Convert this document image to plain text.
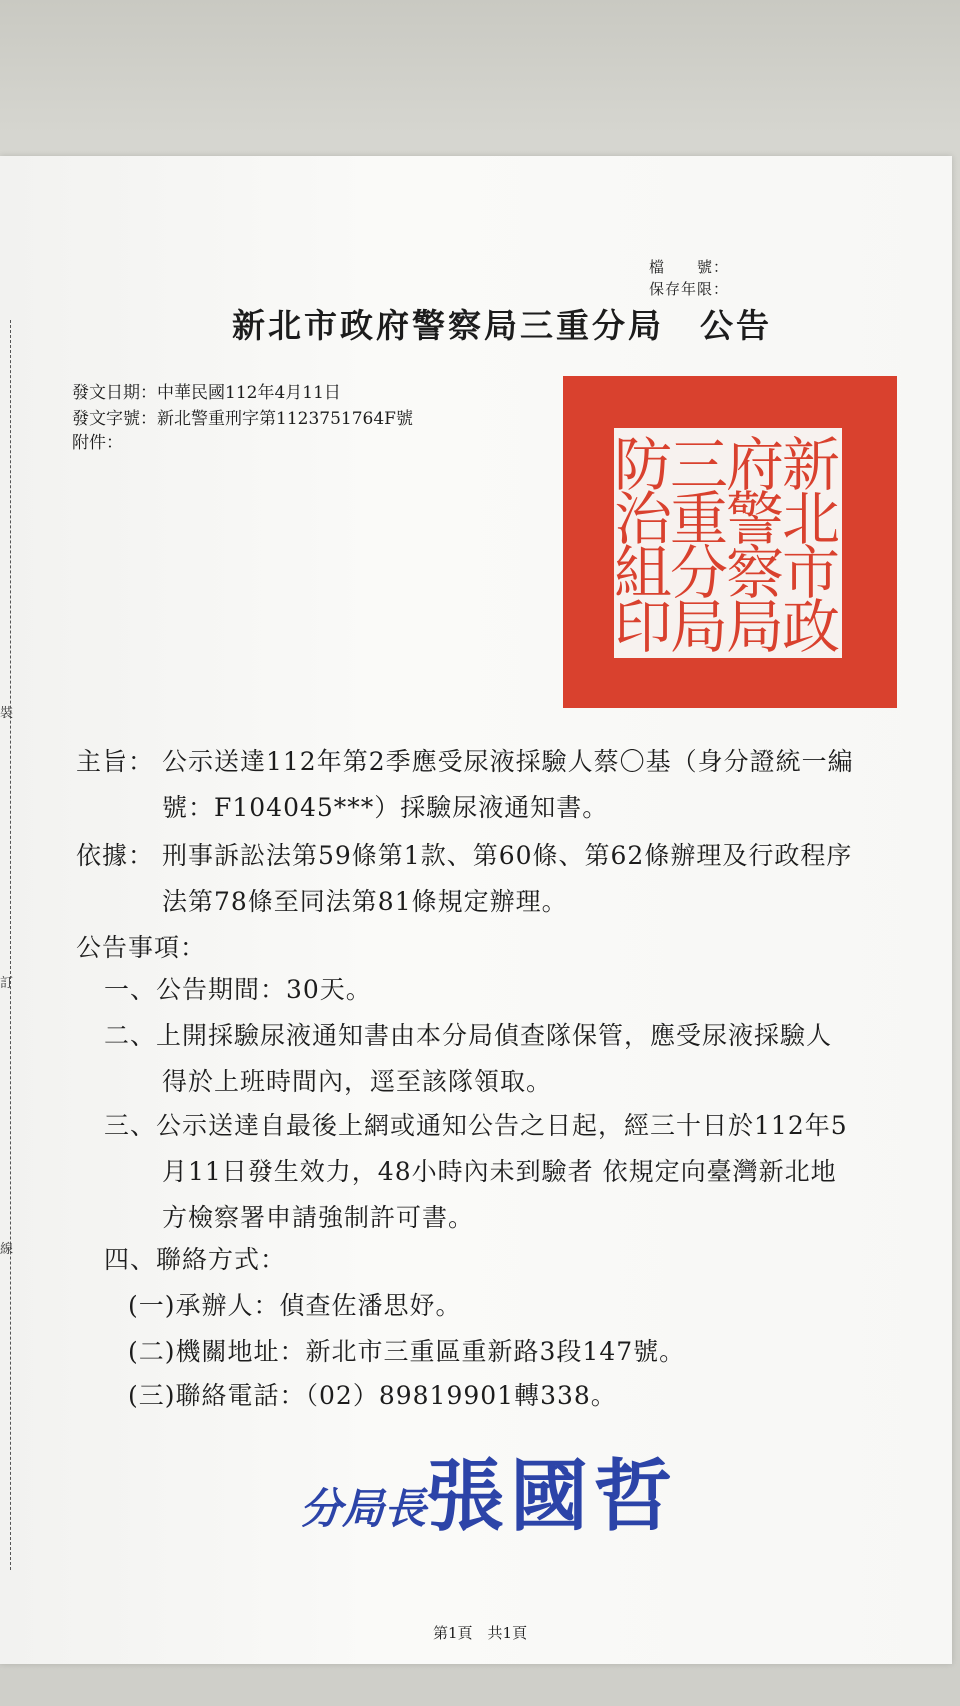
裝
訂
線
檔　　號：
保存年限：
新北市政府警察局三重分局　公告
發文日期：中華民國112年4月11日
發文字號：新北警重刑字第1123751764F號
附件：	新北市政
府警察局
三重分局
防治組印
主旨： 公示送達112年第2季應受尿液採驗人蔡〇基（身分證統一編
號：F104045***）採驗尿液通知書。
依據： 刑事訴訟法第59條第1款、第60條、第62條辦理及行政程序
法第78條至同法第81條規定辦理。
公告事項：
一、公告期間：30天。
二、上開採驗尿液通知書由本分局偵查隊保管，應受尿液採驗人
得於上班時間內，逕至該隊領取。
三、公示送達自最後上網或通知公告之日起，經三十日於112年5
月11日發生效力，48小時內未到驗者 依規定向臺灣新北地
方檢察署申請強制許可書。
四、聯絡方式：
(一)承辦人：偵查佐潘思妤。
(二)機關地址：新北市三重區重新路3段147號。
(三)聯絡電話：（02）89819901轉338。
分局長張國哲
第1頁　共1頁
